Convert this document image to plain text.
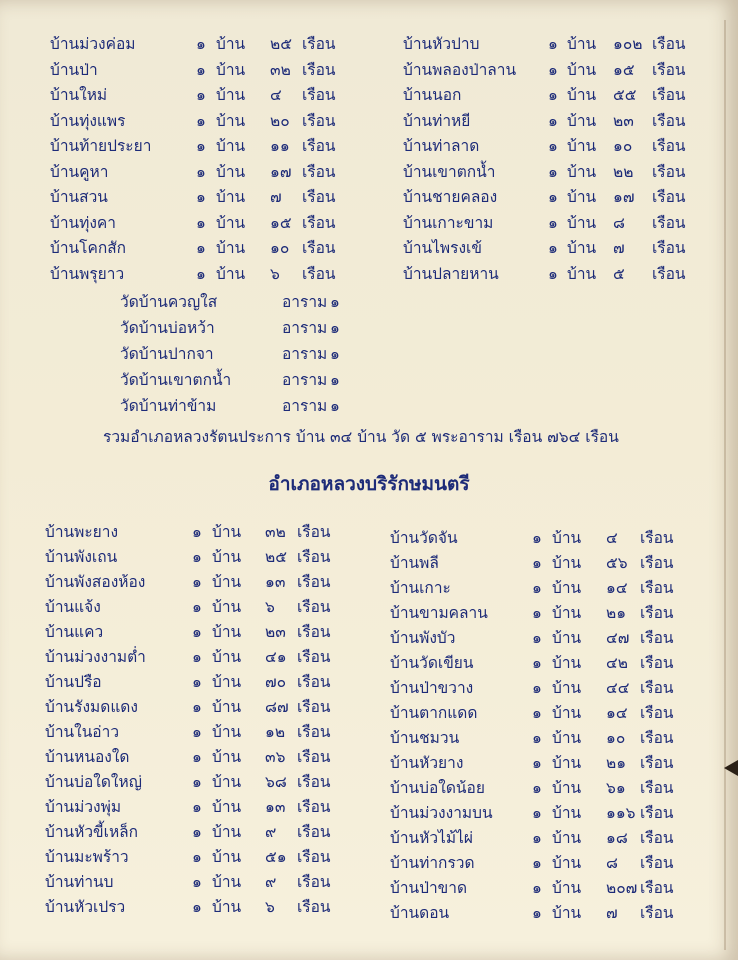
บ้านม่วงค่อม	๑ บ้าน ๒๕ เรือน
บ้านป่า	๑ บ้าน ๓๒ เรือน
บ้านใหม่	๑ บ้าน ๔ เรือน
บ้านทุ่งแพร	๑ บ้าน ๒๐ เรือน
บ้านท้ายประยา	๑ บ้าน ๑๑ เรือน
บ้านคูหา	๑ บ้าน ๑๗ เรือน
บ้านสวน	๑ บ้าน ๗ เรือน
บ้านทุ่งคา	๑ บ้าน ๑๕ เรือน
บ้านโคกสัก	๑ บ้าน ๑๐ เรือน
บ้านพรุยาว	๑ บ้าน ๖ เรือน
บ้านหัวปาบ	๑ บ้าน ๑๐๒ เรือน
บ้านพลองป่าลาน ๑ บ้าน ๑๕ เรือน
บ้านนอก	๑ บ้าน ๕๕ เรือน
บ้านท่าหยี	๑ บ้าน ๒๓ เรือน
บ้านท่าลาด	๑ บ้าน ๑๐ เรือน
บ้านเขาตกน้ำ	๑ บ้าน ๒๒ เรือน
บ้านชายคลอง	๑ บ้าน ๑๗ เรือน
บ้านเกาะขาม	๑ บ้าน ๘ เรือน
บ้านไพรงเข้	๑ บ้าน ๗ เรือน
บ้านปลายหาน	๑ บ้าน ๕ เรือน
วัดบ้านควญใส	อาราม ๑
วัดบ้านบ่อหว้า	อาราม ๑
วัดบ้านปากจา	อาราม ๑
วัดบ้านเขาตกน้ำ	อาราม ๑
วัดบ้านท่าข้าม	อาราม ๑
รวมอำเภอหลวงรัตนประการ บ้าน ๓๔ บ้าน วัด ๕ พระอาราม เรือน ๗๖๔ เรือน
อำเภอหลวงบริรักษมนตรี
บ้านพะยาง	๑ บ้าน ๓๒ เรือน
บ้านพังเถน	๑ บ้าน ๒๕ เรือน
บ้านพังสองห้อง	๑ บ้าน ๑๓ เรือน
บ้านแจ้ง	๑ บ้าน ๖ เรือน
บ้านแคว	๑ บ้าน ๒๓ เรือน
บ้านม่วงงามต่ำ	๑ บ้าน ๔๑ เรือน
บ้านปรือ	๑ บ้าน ๗๐ เรือน
บ้านรังมดแดง	๑ บ้าน ๘๗ เรือน
บ้านในอ่าว	๑ บ้าน ๑๒ เรือน
บ้านหนองใด	๑ บ้าน ๓๖ เรือน
บ้านบ่อใดใหญ่	๑ บ้าน ๖๘ เรือน
บ้านม่วงพุ่ม	๑ บ้าน ๑๓ เรือน
บ้านหัวขี้เหล็ก	๑ บ้าน ๙ เรือน
บ้านมะพร้าว	๑ บ้าน ๕๑ เรือน
บ้านท่านบ	๑ บ้าน ๙ เรือน
บ้านหัวเปรว	๑ บ้าน ๖ เรือน
บ้านวัดจัน	๑ บ้าน ๔ เรือน
บ้านพลี	๑ บ้าน ๕๖ เรือน
บ้านเกาะ	๑ บ้าน ๑๔ เรือน
บ้านขามคลาน	๑ บ้าน ๒๑ เรือน
บ้านพังบัว	๑ บ้าน ๔๗ เรือน
บ้านวัดเขียน	๑ บ้าน ๔๒ เรือน
บ้านป่าขวาง	๑ บ้าน ๔๔ เรือน
บ้านตากแดด	๑ บ้าน ๑๔ เรือน
บ้านชมวน	๑ บ้าน ๑๐ เรือน
บ้านหัวยาง	๑ บ้าน ๒๑ เรือน
บ้านบ่อใดน้อย	๑ บ้าน ๖๑ เรือน
บ้านม่วงงามบน	๑ บ้าน ๑๑๖ เรือน
บ้านหัวไม้ไผ่	๑ บ้าน ๑๘ เรือน
บ้านท่ากรวด	๑ บ้าน ๘ เรือน
บ้านป่าขาด	๑ บ้าน ๒๐๗ เรือน
บ้านดอน	๑ บ้าน ๗ เรือน
